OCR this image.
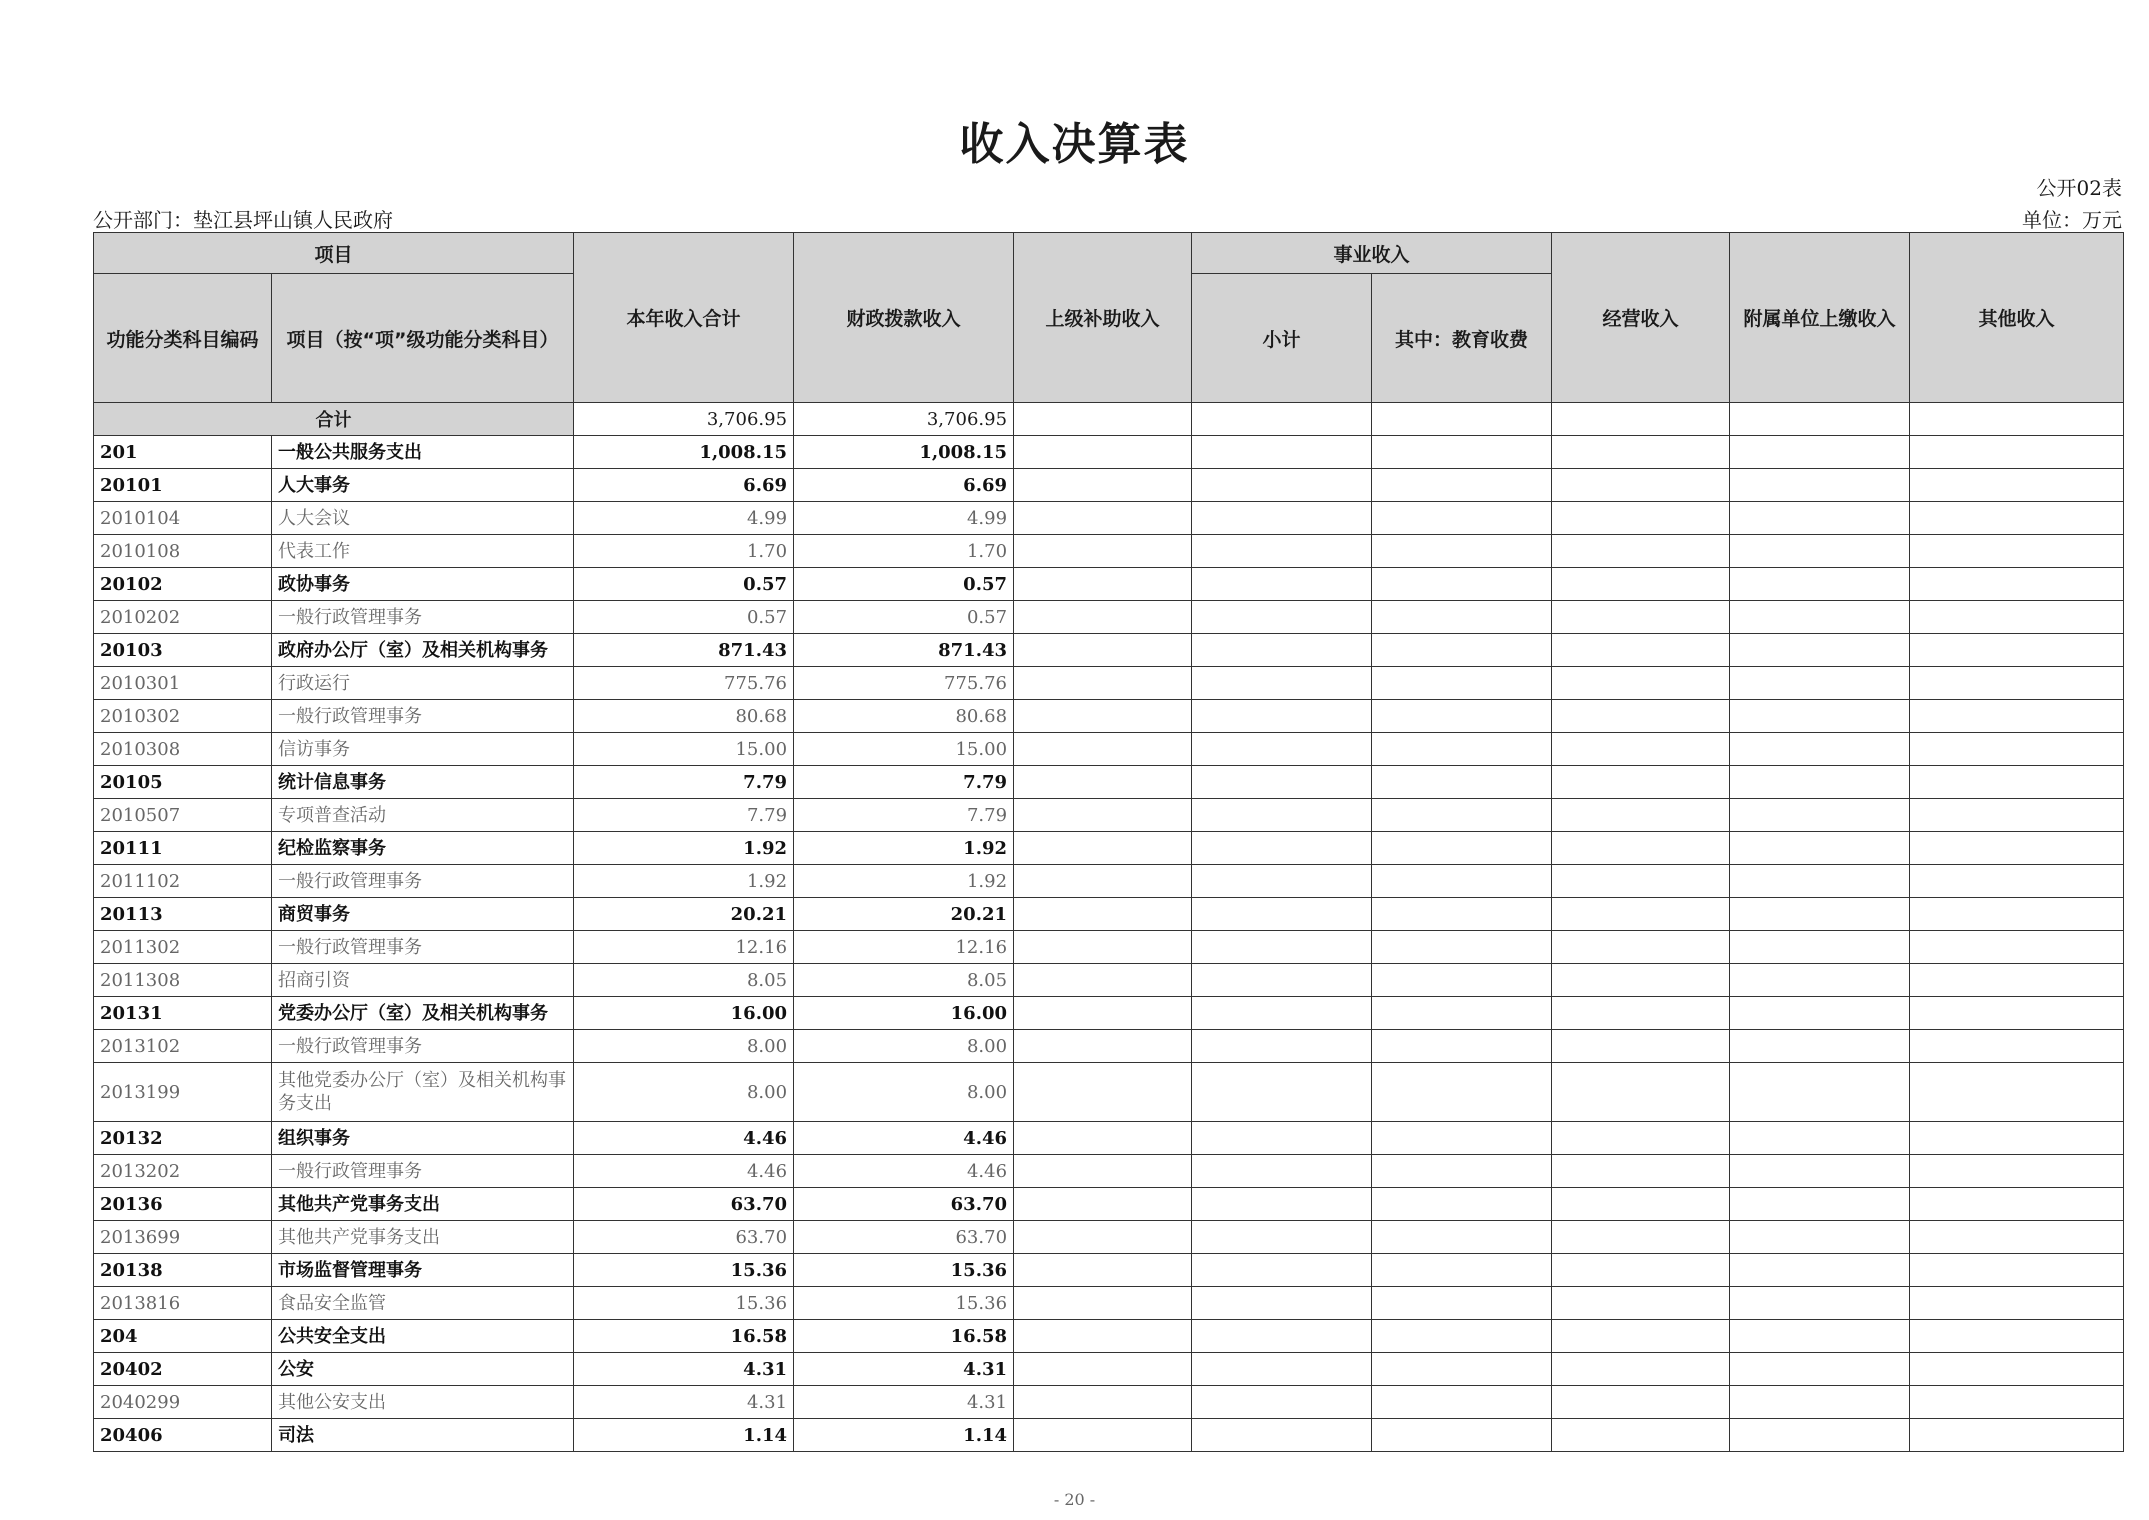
收入决算表
公开02表
公开部门：垫江县坪山镇人民政府	单位：万元
项目		本年收入合计	财政拨款收入	上级补助收入	事业收入		经营收入	附属单位上缴收入	其他收入
功能分类科目编码	项目（按“项”级功能分类科目）				小计	其中：教育收费			
合计		3,706.95	3,706.95						
201	一般公共服务支出	1,008.15	1,008.15						
20101	人大事务	6.69	6.69						
2010104	人大会议	4.99	4.99						
2010108	代表工作	1.70	1.70						
20102	政协事务	0.57	0.57						
2010202	一般行政管理事务	0.57	0.57						
20103	政府办公厅（室）及相关机构事务	871.43	871.43						
2010301	行政运行	775.76	775.76						
2010302	一般行政管理事务	80.68	80.68						
2010308	信访事务	15.00	15.00						
20105	统计信息事务	7.79	7.79						
2010507	专项普查活动	7.79	7.79						
20111	纪检监察事务	1.92	1.92						
2011102	一般行政管理事务	1.92	1.92						
20113	商贸事务	20.21	20.21						
2011302	一般行政管理事务	12.16	12.16						
2011308	招商引资	8.05	8.05						
20131	党委办公厅（室）及相关机构事务	16.00	16.00						
2013102	一般行政管理事务	8.00	8.00						
2013199	其他党委办公厅（室）及相关机构事务支出	8.00	8.00						
20132	组织事务	4.46	4.46						
2013202	一般行政管理事务	4.46	4.46						
20136	其他共产党事务支出	63.70	63.70						
2013699	其他共产党事务支出	63.70	63.70						
20138	市场监督管理事务	15.36	15.36						
2013816	食品安全监管	15.36	15.36						
204	公共安全支出	16.58	16.58						
20402	公安	4.31	4.31						
2040299	其他公安支出	4.31	4.31						
20406	司法	1.14	1.14						
- 20 -
